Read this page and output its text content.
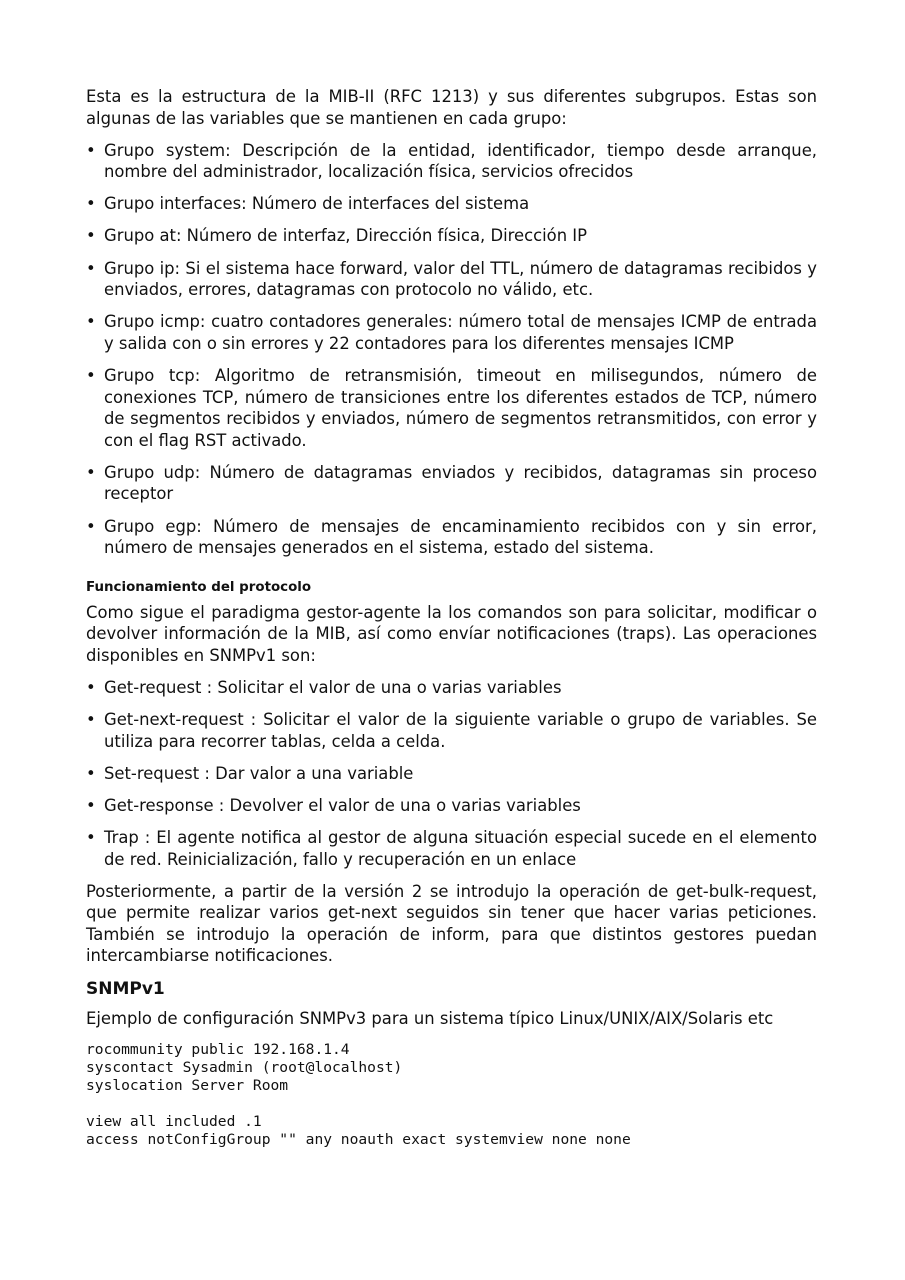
Esta es la estructura de la MIB-II (RFC 1213) y sus diferentes subgrupos. Estas son algunas de las variables que se mantienen en cada grupo:

• Grupo system: Descripción de la entidad, identificador, tiempo desde arranque, nombre del administrador, localización física, servicios ofrecidos
• Grupo interfaces: Número de interfaces del sistema
• Grupo at: Número de interfaz, Dirección física, Dirección IP
• Grupo ip: Si el sistema hace forward, valor del TTL, número de datagramas recibidos y enviados, errores, datagramas con protocolo no válido, etc.
• Grupo icmp: cuatro contadores generales: número total de mensajes ICMP de entrada y salida con o sin errores y 22 contadores para los diferentes mensajes ICMP
• Grupo tcp: Algoritmo de retransmisión, timeout en milisegundos, número de conexiones TCP, número de transiciones entre los diferentes estados de TCP, número de segmentos recibidos y enviados, número de segmentos retransmitidos, con error y con el flag RST activado.
• Grupo udp: Número de datagramas enviados y recibidos, datagramas sin proceso receptor
• Grupo egp: Número de mensajes de encaminamiento recibidos con y sin error, número de mensajes generados en el sistema, estado del sistema.
Funcionamiento del protocolo

Como sigue el paradigma gestor-agente la los comandos son para solicitar, modificar o devolver información de la MIB, así como envíar notificaciones (traps). Las operaciones disponibles en SNMPv1 son:

• Get-request : Solicitar el valor de una o varias variables
• Get-next-request : Solicitar el valor de la siguiente variable o grupo de variables. Se utiliza para recorrer tablas, celda a celda.
• Set-request : Dar valor a una variable
• Get-response : Devolver el valor de una o varias variables
• Trap : El agente notifica al gestor de alguna situación especial sucede en el elemento de red. Reinicialización, fallo y recuperación en un enlace

Posteriormente, a partir de la versión 2 se introdujo la operación de get-bulk-request, que permite realizar varios get-next seguidos sin tener que hacer varias peticiones. También se introdujo la operación de inform, para que distintos gestores puedan intercambiarse notificaciones.

SNMPv1

Ejemplo de configuración SNMPv3 para un sistema típico Linux/UNIX/AIX/Solaris etc

rocommunity public 192.168.1.4
syscontact Sysadmin (root@localhost)
syslocation Server Room

view all included .1
access notConfigGroup "" any noauth exact systemview none none
